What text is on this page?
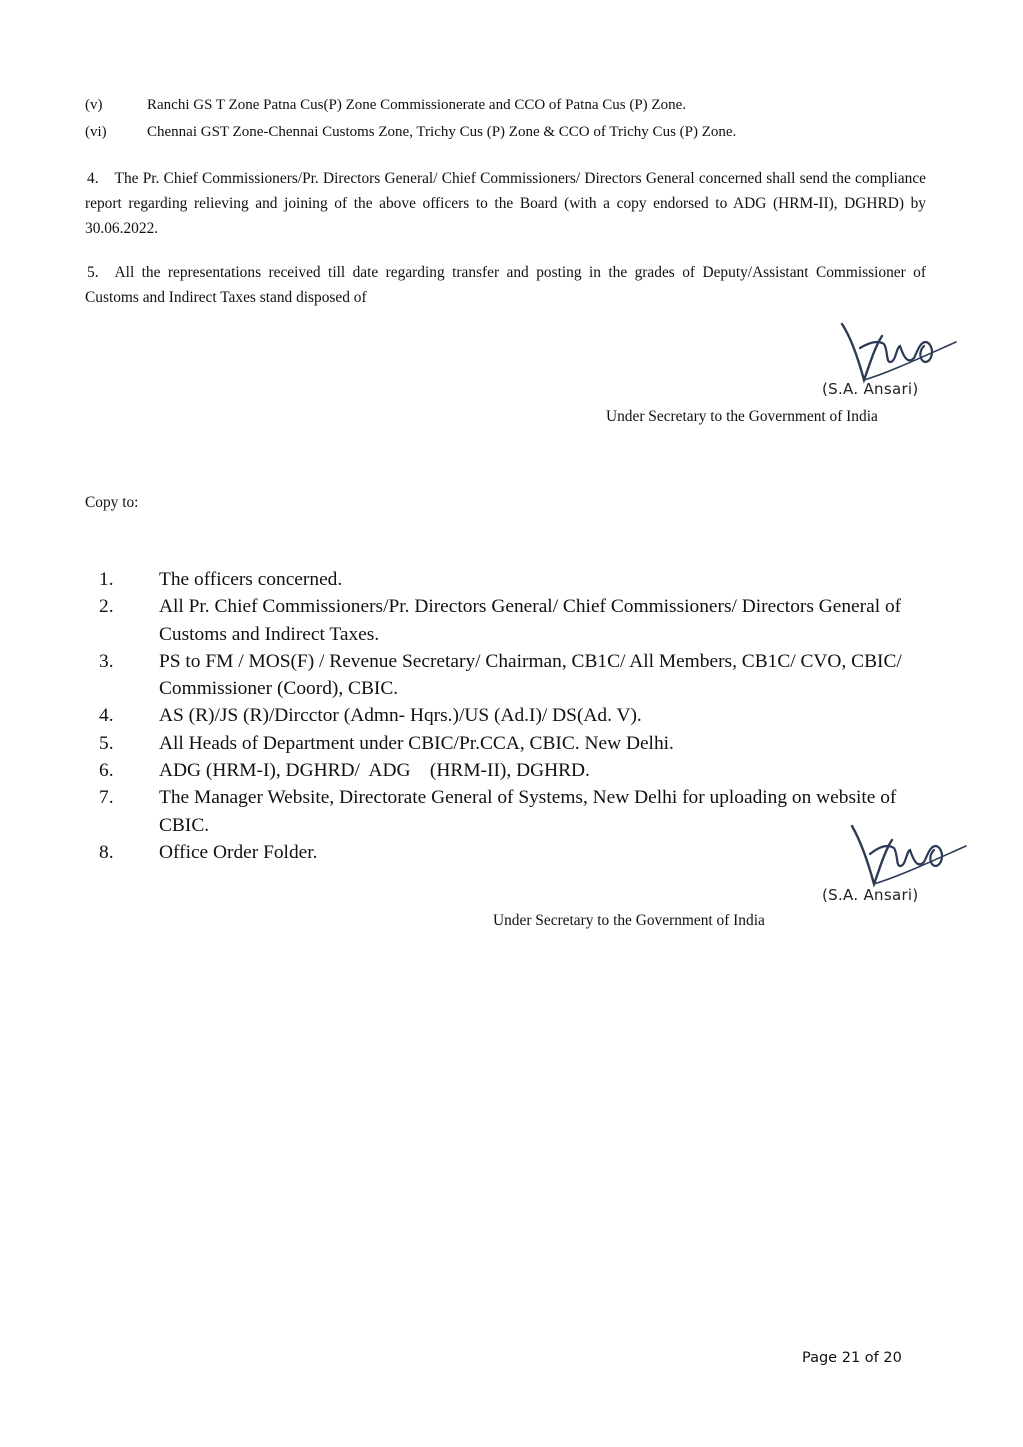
(v)	Ranchi GS T Zone Patna Cus(P) Zone Commissionerate and CCO of Patna Cus (P) Zone.
(vi)	Chennai GST Zone-Chennai Customs Zone, Trichy Cus (P) Zone & CCO of Trichy Cus (P) Zone.
4. The Pr. Chief Commissioners/Pr. Directors General/ Chief Commissioners/ Directors General concerned shall send the compliance report regarding relieving and joining of the above officers to the Board (with a copy endorsed to ADG (HRM-II), DGHRD) by 30.06.2022.
5. All the representations received till date regarding transfer and posting in the grades of Deputy/Assistant Commissioner of Customs and Indirect Taxes stand disposed of
(S.A. Ansari)
Under Secretary to the Government of India
Copy to:
1. The officers concerned.
2. All Pr. Chief Commissioners/Pr. Directors General/ Chief Commissioners/ Directors General of Customs and Indirect Taxes.
3. PS to FM / MOS(F) / Revenue Secretary/ Chairman, CB1C/ All Members, CB1C/ CVO, CBIC/ Commissioner (Coord), CBIC.
4. AS (R)/JS (R)/Dircctor (Admn- Hqrs.)/US (Ad.I)/ DS(Ad. V).
5. All Heads of Department under CBIC/Pr.CCA, CBIC. New Delhi.
6. ADG (HRM-I), DGHRD/  ADG    (HRM-II), DGHRD.
7. The Manager Website, Directorate General of Systems, New Delhi for uploading on website of CBIC.
8. Office Order Folder.
(S.A. Ansari)
Under Secretary to the Government of India
Page 21 of 20
